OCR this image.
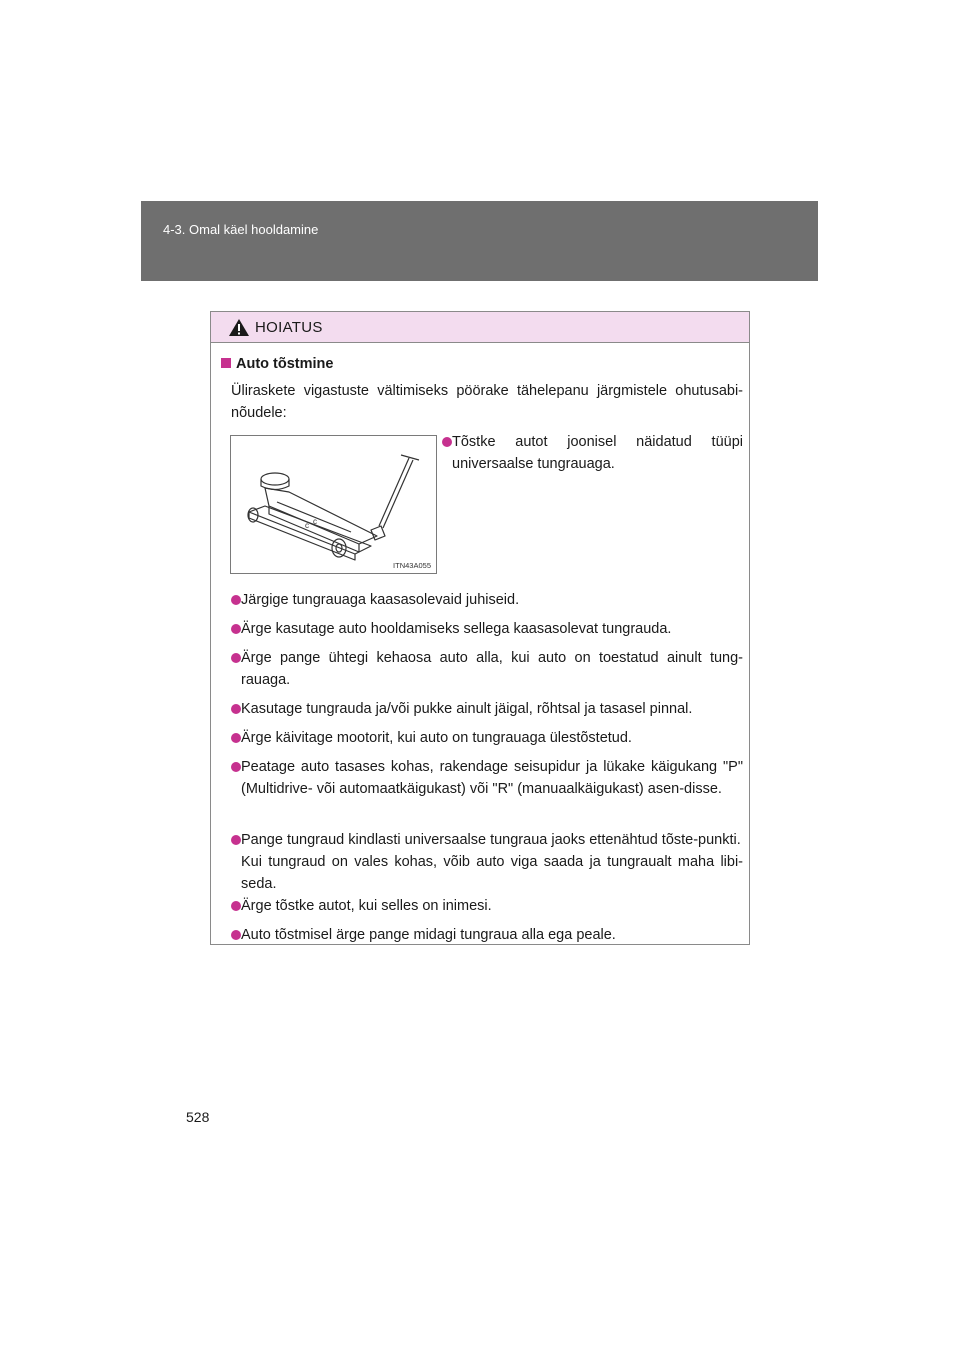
4-3. Omal käel hooldamine
HOIATUS
Auto tõstmine
Üliraskete vigastuste vältimiseks pöörake tähelepanu järgmistele ohutusabi-nõudele:
c c
ITN43A055
Tõstke autot joonisel näidatud tüüpi universaalse tungrauaga.
Järgige tungrauaga kaasasolevaid juhiseid.
Ärge kasutage auto hooldamiseks sellega kaasasolevat tungrauda.
Ärge pange ühtegi kehaosa auto alla, kui auto on toestatud ainult tung-rauaga.
Kasutage tungrauda ja/või pukke ainult jäigal, rõhtsal ja tasasel pinnal.
Ärge käivitage mootorit, kui auto on tungrauaga ülestõstetud.
Peatage auto tasases kohas, rakendage seisupidur ja lükake käigukang "P" (Multidrive- või automaatkäigukast) või "R" (manuaalkäigukast) asen-disse.
Pange tungraud kindlasti universaalse tungraua jaoks ettenähtud tõste-punkti.
Kui tungraud on vales kohas, võib auto viga saada ja tungraualt maha libi-seda.
Ärge tõstke autot, kui selles on inimesi.
Auto tõstmisel ärge pange midagi tungraua alla ega peale.
528
